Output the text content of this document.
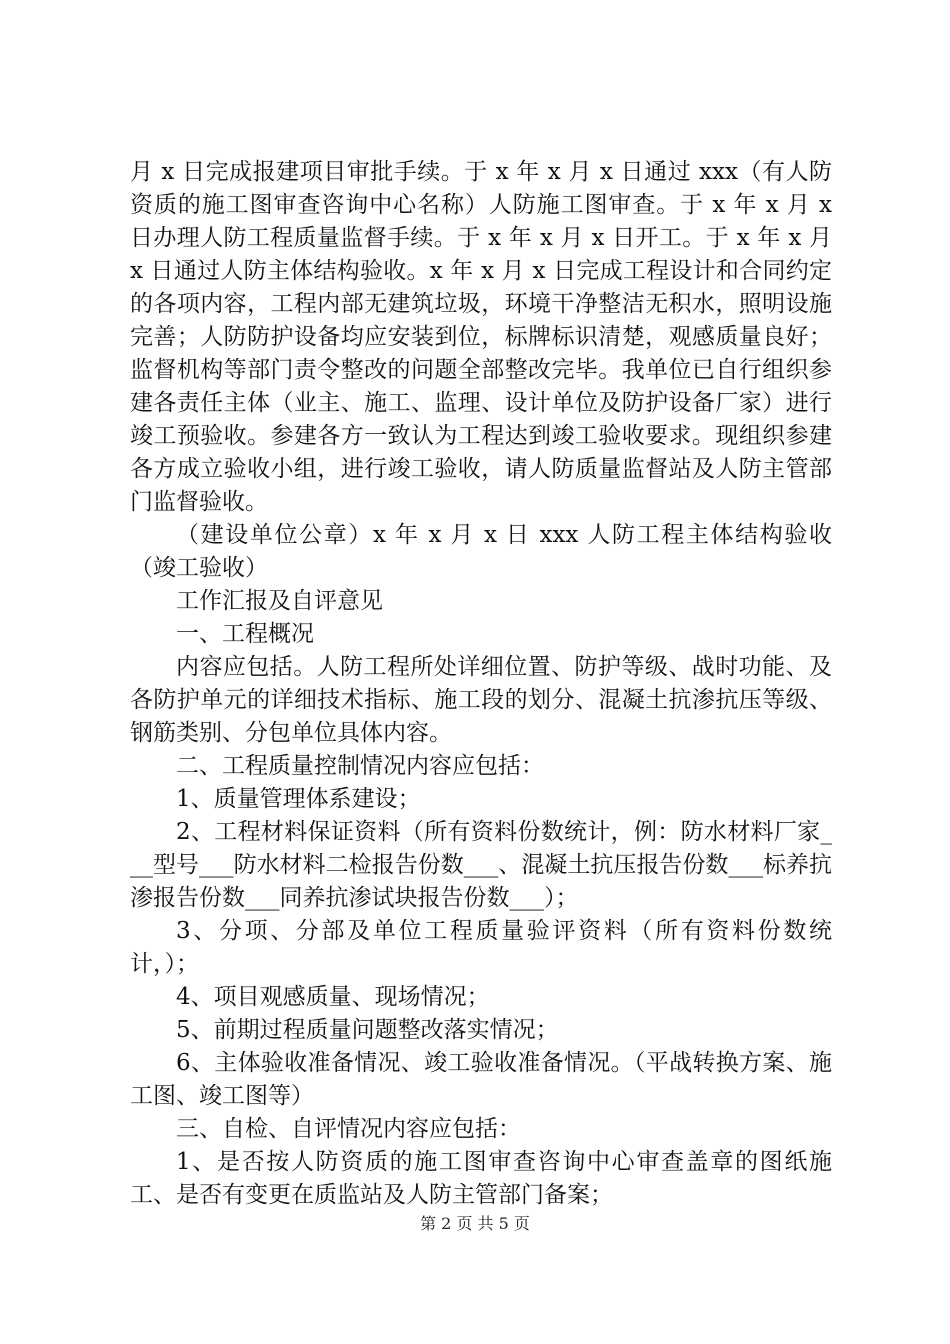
月 x 日完成报建项目审批手续。于 x 年 x 月 x 日通过 xxx（有人防资质的施工图审查咨询中心名称）人防施工图审查。于 x 年 x 月 x 日办理人防工程质量监督手续。于 x 年 x 月 x 日开工。于 x 年 x 月 x 日通过人防主体结构验收。x 年 x 月 x 日完成工程设计和合同约定的各项内容，工程内部无建筑垃圾，环境干净整洁无积水，照明设施完善；人防防护设备均应安装到位，标牌标识清楚，观感质量良好；监督机构等部门责令整改的问题全部整改完毕。我单位已自行组织参建各责任主体（业主、施工、监理、设计单位及防护设备厂家）进行竣工预验收。参建各方一致认为工程达到竣工验收要求。现组织参建各方成立验收小组，进行竣工验收，请人防质量监督站及人防主管部门监督验收。

（建设单位公章）x 年 x 月 x 日 xxx 人防工程主体结构验收（竣工验收）

工作汇报及自评意见

一、工程概况

内容应包括。人防工程所处详细位置、防护等级、战时功能、及各防护单元的详细技术指标、施工段的划分、混凝土抗渗抗压等级、钢筋类别、分包单位具体内容。

二、工程质量控制情况内容应包括：

1、质量管理体系建设；

2、工程材料保证资料（所有资料份数统计，例：防水材料厂家___型号___防水材料二检报告份数___、混凝土抗压报告份数___标养抗渗报告份数___同养抗渗试块报告份数___）；

3、分项、分部及单位工程质量验评资料（所有资料份数统计，）；

4、项目观感质量、现场情况；

5、前期过程质量问题整改落实情况；

6、主体验收准备情况、竣工验收准备情况。（平战转换方案、施工图、竣工图等）

三、自检、自评情况内容应包括：

1、是否按人防资质的施工图审查咨询中心审查盖章的图纸施工、是否有变更在质监站及人防主管部门备案；

第 2 页 共 5 页
